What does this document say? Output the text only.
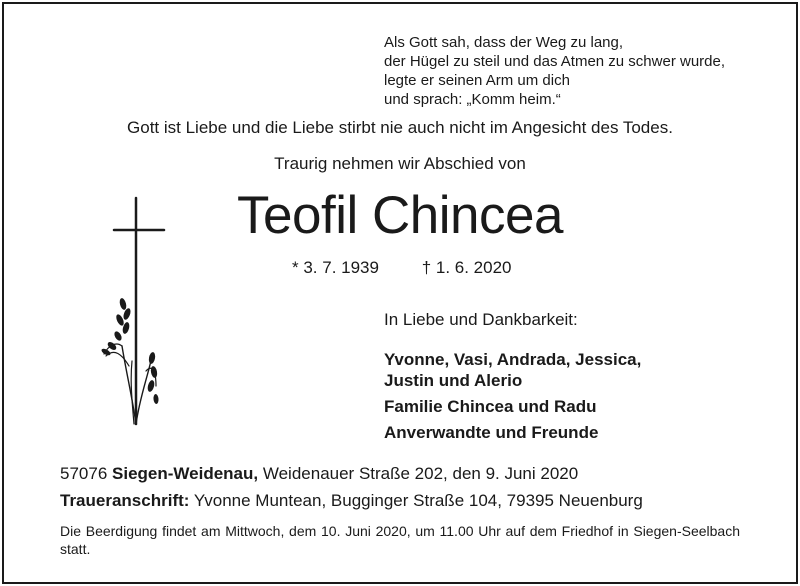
Als Gott sah, dass der Weg zu lang,
der Hügel zu steil und das Atmen zu schwer wurde,
legte er seinen Arm um dich
und sprach: „Komm heim.“
Gott ist Liebe und die Liebe stirbt nie auch nicht im Angesicht des Todes.
Traurig nehmen wir Abschied von
Teofil Chincea
* 3. 7. 1939	† 1. 6. 2020
In Liebe und Dankbarkeit:
Yvonne, Vasi, Andrada, Jessica,
Justin und Alerio
Familie Chincea und Radu
Anverwandte und Freunde
57076 Siegen-Weidenau, Weidenauer Straße 202, den 9. Juni 2020
Traueranschrift: Yvonne Muntean, Bugginger Straße 104, 79395 Neuenburg
Die Beerdigung findet am Mittwoch, dem 10. Juni 2020, um 11.00 Uhr auf dem Friedhof in Siegen-Seelbach statt.
